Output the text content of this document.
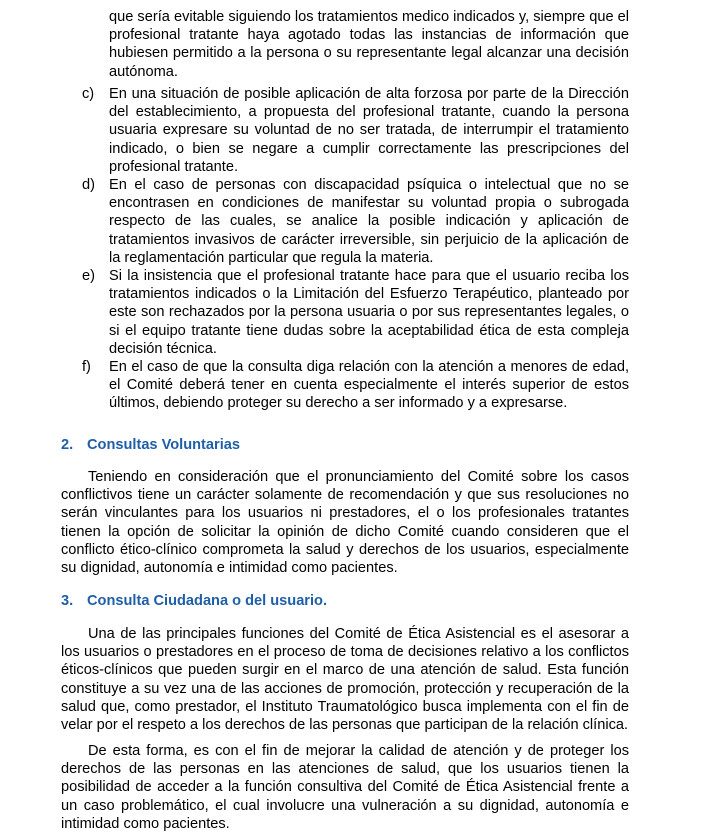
que sería evitable siguiendo los tratamientos medico indicados y, siempre que el profesional tratante haya agotado todas las instancias de información que hubiesen permitido a la persona o su representante legal alcanzar una decisión autónoma.
c)	En una situación de posible aplicación de alta forzosa por parte de la Dirección del establecimiento, a propuesta del profesional tratante, cuando la persona usuaria expresare su voluntad de no ser tratada, de interrumpir el tratamiento indicado, o bien se negare a cumplir correctamente las prescripciones del profesional tratante.
d) En el caso de personas con discapacidad psíquica o intelectual que no se encontrasen en condiciones de manifestar su voluntad propia o subrogada respecto de las cuales, se analice la posible indicación y aplicación de tratamientos invasivos de carácter irreversible, sin perjuicio de la aplicación de la reglamentación particular que regula la materia.
e) Si la insistencia que el profesional tratante hace para que el usuario reciba los tratamientos indicados o la Limitación del Esfuerzo Terapéutico, planteado por este son rechazados por la persona usuaria o por sus representantes legales, o si el equipo tratante tiene dudas sobre la aceptabilidad ética de esta compleja decisión técnica.
f)	En el caso de que la consulta diga relación con la atención a menores de edad, el Comité deberá tener en cuenta especialmente el interés superior de estos últimos, debiendo proteger su derecho a ser informado y a expresarse.
2. Consultas Voluntarias
Teniendo en consideración que el pronunciamiento del Comité sobre los casos conflictivos tiene un carácter solamente de recomendación y que sus resoluciones no serán vinculantes para los usuarios ni prestadores, el o los profesionales tratantes tienen la opción de solicitar la opinión de dicho Comité cuando consideren que el conflicto ético-clínico comprometa la salud y derechos de los usuarios, especialmente su dignidad, autonomía e intimidad como pacientes.
3. Consulta Ciudadana o del usuario.
Una de las principales funciones del Comité de Ética Asistencial es el asesorar a los usuarios o prestadores en el proceso de toma de decisiones relativo a los conflictos éticos-clínicos que pueden surgir en el marco de una atención de salud. Esta función constituye a su vez una de las acciones de promoción, protección y recuperación de la salud que, como prestador, el Instituto Traumatológico busca implementa con el fin de velar por el respeto a los derechos de las personas que participan de la relación clínica.
De esta forma, es con el fin de mejorar la calidad de atención y de proteger los derechos de las personas en las atenciones de salud, que los usuarios tienen la posibilidad de acceder a la función consultiva del Comité de Ética Asistencial frente a un caso problemático, el cual involucre una vulneración a su dignidad, autonomía e intimidad como pacientes.
